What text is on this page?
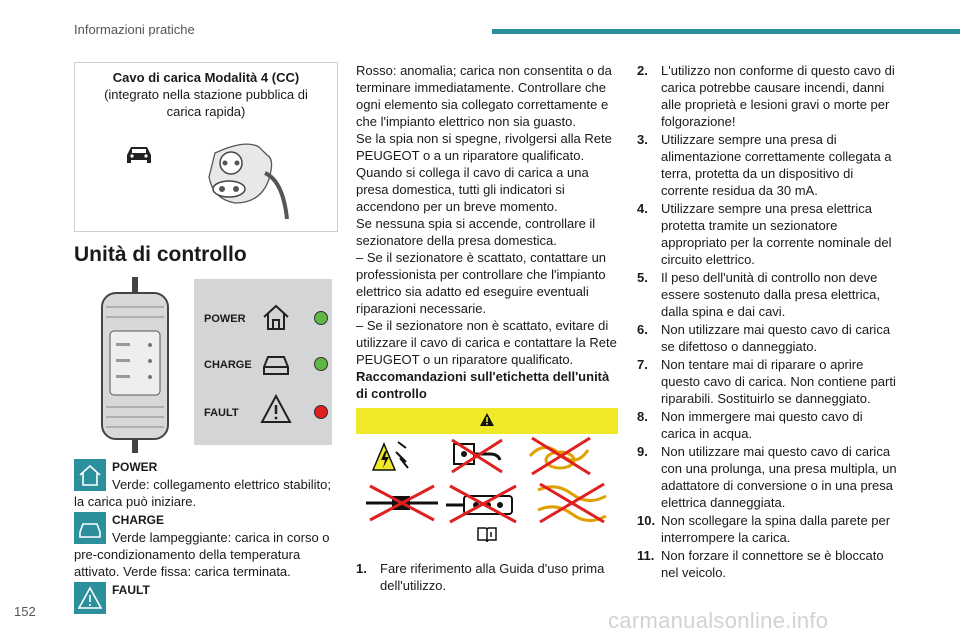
Informazioni pratiche
Cavo di carica Modalità 4 (CC)
(integrato nella stazione pubblica di carica rapida)
Unità di controllo
POWER
CHARGE
FAULT
POWER
Verde: collegamento elettrico stabilito; la carica può iniziare.
CHARGE
Verde lampeggiante: carica in corso o pre-condizionamento della temperatura attivato. Verde fissa: carica terminata.
FAULT

Rosso: anomalia; carica non consentita o da terminare immediatamente. Controllare che ogni elemento sia collegato correttamente e che l'impianto elettrico non sia guasto.

Se la spia non si spegne, rivolgersi alla Rete PEUGEOT o a un riparatore qualificato.

Quando si collega il cavo di carica a una presa domestica, tutti gli indicatori si accendono per un breve momento.

Se nessuna spia si accende, controllare il sezionatore della presa domestica.

– Se il sezionatore è scattato, contattare un professionista per controllare che l'impianto elettrico sia adatto ed eseguire eventuali riparazioni necessarie.

– Se il sezionatore non è scattato, evitare di utilizzare il cavo di carica e contattare la Rete PEUGEOT o un riparatore qualificato.

Raccomandazioni sull'etichetta dell'unità di controllo

1. Fare riferimento alla Guida d'uso prima dell'utilizzo.
2. L'utilizzo non conforme di questo cavo di carica potrebbe causare incendi, danni alle proprietà e lesioni gravi o morte per folgorazione!
3. Utilizzare sempre una presa di alimentazione correttamente collegata a terra, protetta da un dispositivo di corrente residua da 30 mA.
4. Utilizzare sempre una presa elettrica protetta tramite un sezionatore appropriato per la corrente nominale del circuito elettrico.
5. Il peso dell'unità di controllo non deve essere sostenuto dalla presa elettrica, dalla spina e dai cavi.
6. Non utilizzare mai questo cavo di carica se difettoso o danneggiato.
7. Non tentare mai di riparare o aprire questo cavo di carica. Non contiene parti riparabili. Sostituirlo se danneggiato.
8. Non immergere mai questo cavo di carica in acqua.
9. Non utilizzare mai questo cavo di carica con una prolunga, una presa multipla, un adattatore di conversione o in una presa elettrica danneggiata.
10. Non scollegare la spina dalla parete per interrompere la carica.
11. Non forzare il connettore se è bloccato nel veicolo.
152	carmanualsonline.info
